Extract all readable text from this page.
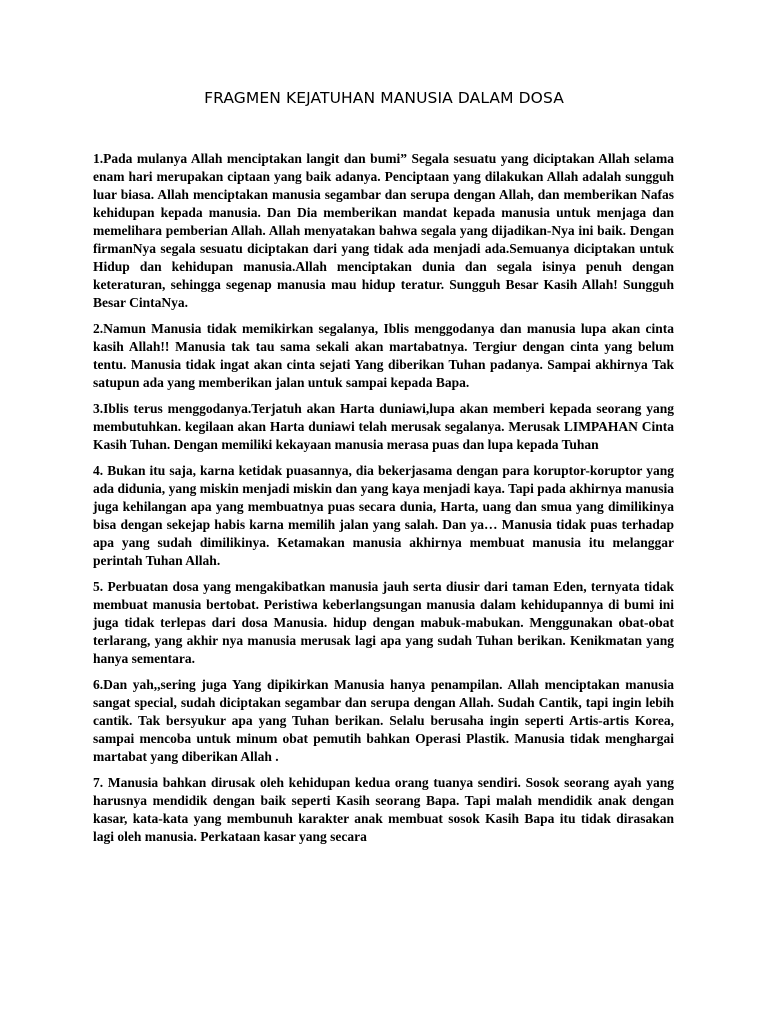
FRAGMEN KEJATUHAN MANUSIA DALAM DOSA

1.Pada mulanya Allah menciptakan langit dan bumi” Segala sesuatu yang diciptakan Allah selama enam hari merupakan ciptaan yang baik adanya. Penciptaan yang dilakukan Allah adalah sungguh luar biasa. Allah menciptakan manusia segambar dan serupa dengan Allah, dan memberikan Nafas kehidupan kepada manusia. Dan Dia memberikan mandat kepada manusia untuk menjaga dan memelihara pemberian Allah. Allah menyatakan bahwa segala yang dijadikan-Nya ini baik. Dengan firmanNya segala sesuatu diciptakan dari yang tidak ada menjadi ada.Semuanya diciptakan untuk Hidup dan kehidupan manusia.Allah menciptakan dunia dan segala isinya penuh dengan keteraturan, sehingga segenap manusia mau hidup teratur. Sungguh Besar Kasih Allah! Sungguh Besar CintaNya.

2.Namun Manusia tidak memikirkan segalanya, Iblis menggodanya dan manusia lupa akan cinta kasih Allah!! Manusia tak tau sama sekali akan martabatnya. Tergiur dengan cinta yang belum tentu. Manusia tidak ingat akan cinta sejati Yang diberikan Tuhan padanya. Sampai akhirnya Tak satupun ada yang memberikan jalan untuk sampai kepada Bapa.

3.Iblis terus menggodanya.Terjatuh akan Harta duniawi,lupa akan memberi kepada seorang yang membutuhkan. kegilaan akan Harta duniawi telah merusak segalanya. Merusak LIMPAHAN Cinta Kasih Tuhan. Dengan memiliki kekayaan manusia merasa puas dan lupa kepada Tuhan

4. Bukan itu saja, karna ketidak puasannya, dia bekerjasama dengan para koruptor-koruptor yang ada didunia, yang miskin menjadi miskin dan yang kaya menjadi kaya. Tapi pada akhirnya manusia juga kehilangan apa yang membuatnya puas secara dunia, Harta, uang dan smua yang dimilikinya bisa dengan sekejap habis karna memilih jalan yang salah. Dan ya… Manusia tidak puas terhadap apa yang sudah dimilikinya. Ketamakan manusia akhirnya membuat manusia itu melanggar perintah Tuhan Allah.

5. Perbuatan dosa yang mengakibatkan manusia jauh serta diusir dari taman Eden, ternyata tidak membuat manusia bertobat. Peristiwa keberlangsungan manusia dalam kehidupannya di bumi ini juga tidak terlepas dari dosa Manusia. hidup dengan mabuk-mabukan. Menggunakan obat-obat terlarang, yang akhir nya manusia merusak lagi apa yang sudah Tuhan berikan. Kenikmatan yang hanya sementara.

6.Dan yah,,sering juga Yang dipikirkan Manusia hanya penampilan. Allah menciptakan manusia sangat special, sudah diciptakan segambar dan serupa dengan Allah. Sudah Cantik, tapi ingin lebih cantik. Tak bersyukur apa yang Tuhan berikan. Selalu berusaha ingin seperti Artis-artis Korea, sampai mencoba untuk minum obat pemutih bahkan Operasi Plastik. Manusia tidak menghargai martabat yang diberikan Allah .

7. Manusia bahkan dirusak oleh kehidupan kedua orang tuanya sendiri. Sosok seorang ayah yang harusnya mendidik dengan baik seperti Kasih seorang Bapa. Tapi malah mendidik anak dengan kasar, kata-kata yang membunuh karakter anak membuat sosok Kasih Bapa itu tidak dirasakan lagi oleh manusia. Perkataan kasar yang secara
